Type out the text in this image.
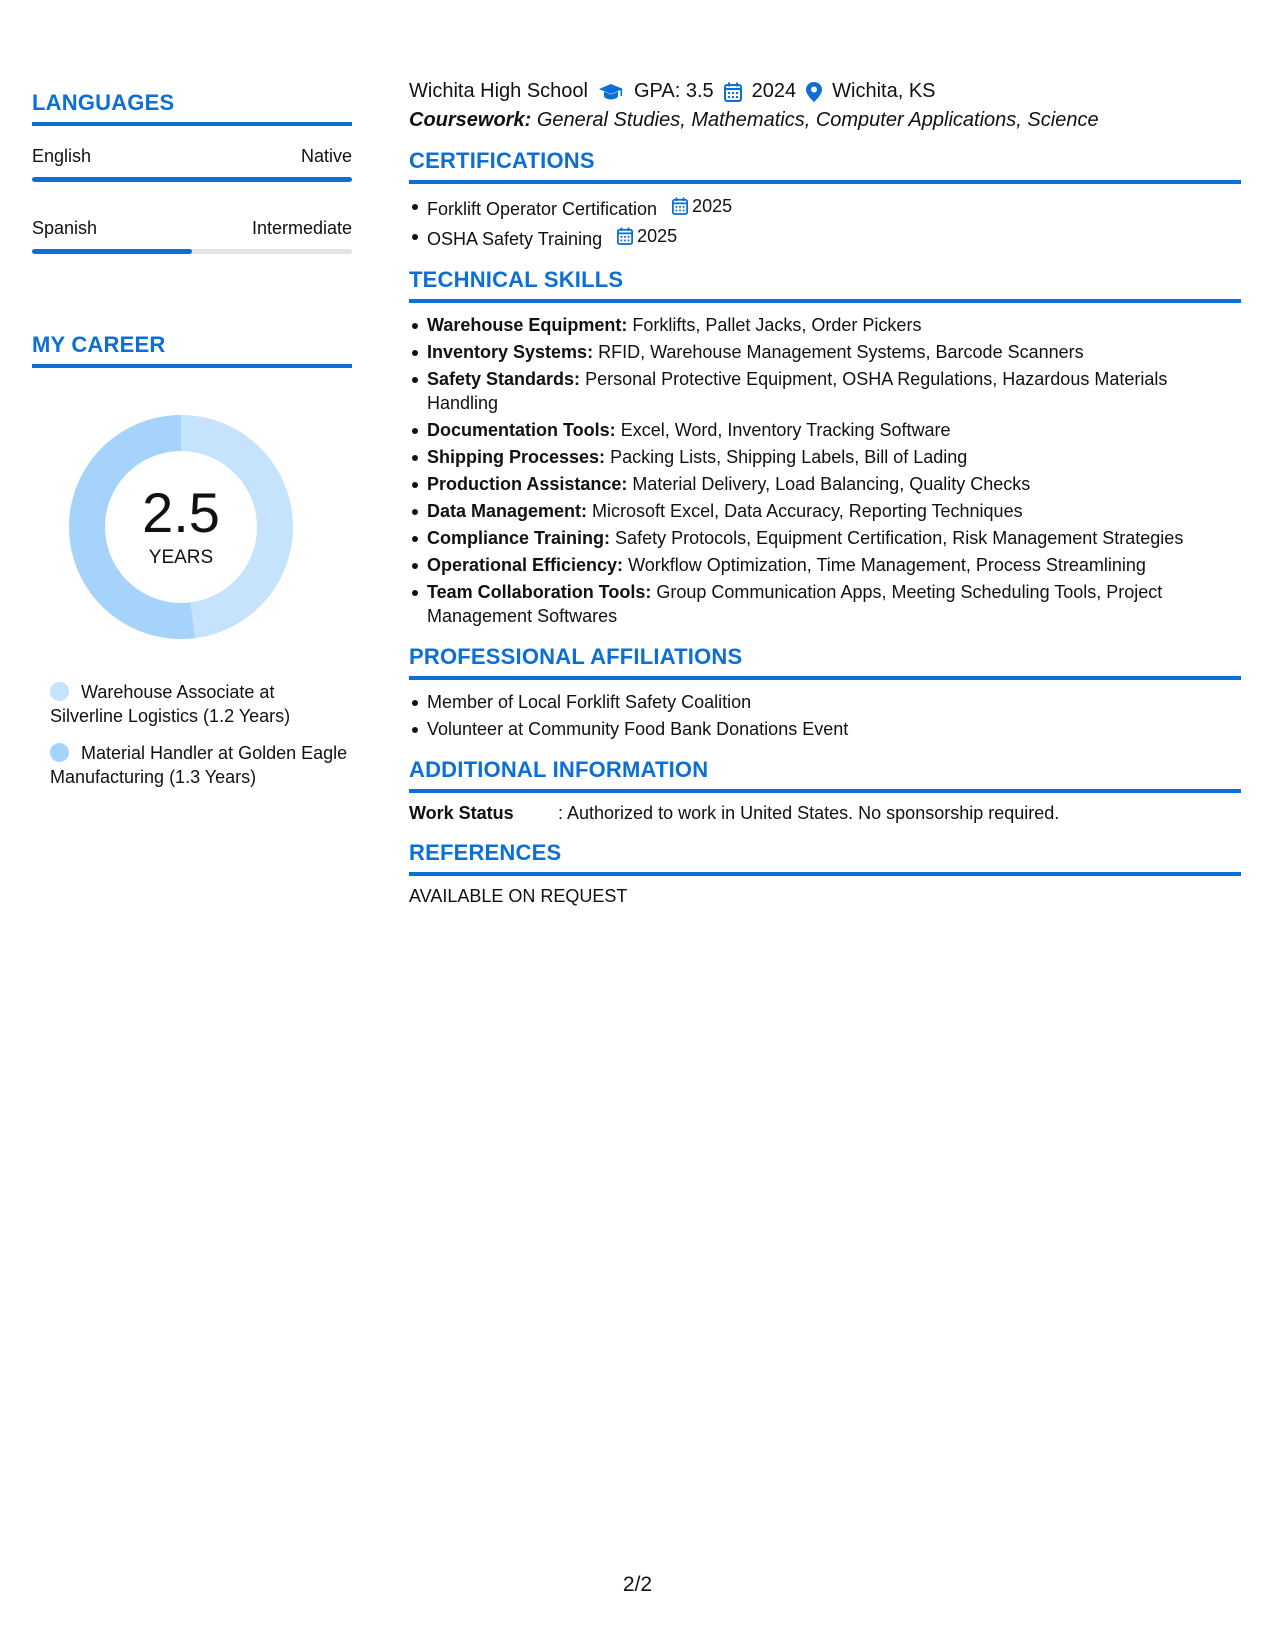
LANGUAGES
English	Native
Spanish	Intermediate
MY CAREER
2.5
YEARS
Warehouse Associate at Silverline Logistics (1.2 Years)
Material Handler at Golden Eagle Manufacturing (1.3 Years)
Wichita High School GPA: 3.5 2024 Wichita, KS
Coursework: General Studies, Mathematics, Computer Applications, Science
CERTIFICATIONS
Forklift Operator Certification 2025
OSHA Safety Training 2025
TECHNICAL SKILLS
Warehouse Equipment: Forklifts, Pallet Jacks, Order Pickers
Inventory Systems: RFID, Warehouse Management Systems, Barcode Scanners
Safety Standards: Personal Protective Equipment, OSHA Regulations, Hazardous Materials Handling
Documentation Tools: Excel, Word, Inventory Tracking Software
Shipping Processes: Packing Lists, Shipping Labels, Bill of Lading
Production Assistance: Material Delivery, Load Balancing, Quality Checks
Data Management: Microsoft Excel, Data Accuracy, Reporting Techniques
Compliance Training: Safety Protocols, Equipment Certification, Risk Management Strategies
Operational Efficiency: Workflow Optimization, Time Management, Process Streamlining
Team Collaboration Tools: Group Communication Apps, Meeting Scheduling Tools, Project Management Softwares
PROFESSIONAL AFFILIATIONS
Member of Local Forklift Safety Coalition
Volunteer at Community Food Bank Donations Event
ADDITIONAL INFORMATION
Work Status	: Authorized to work in United States. No sponsorship required.
REFERENCES
AVAILABLE ON REQUEST
2/2
